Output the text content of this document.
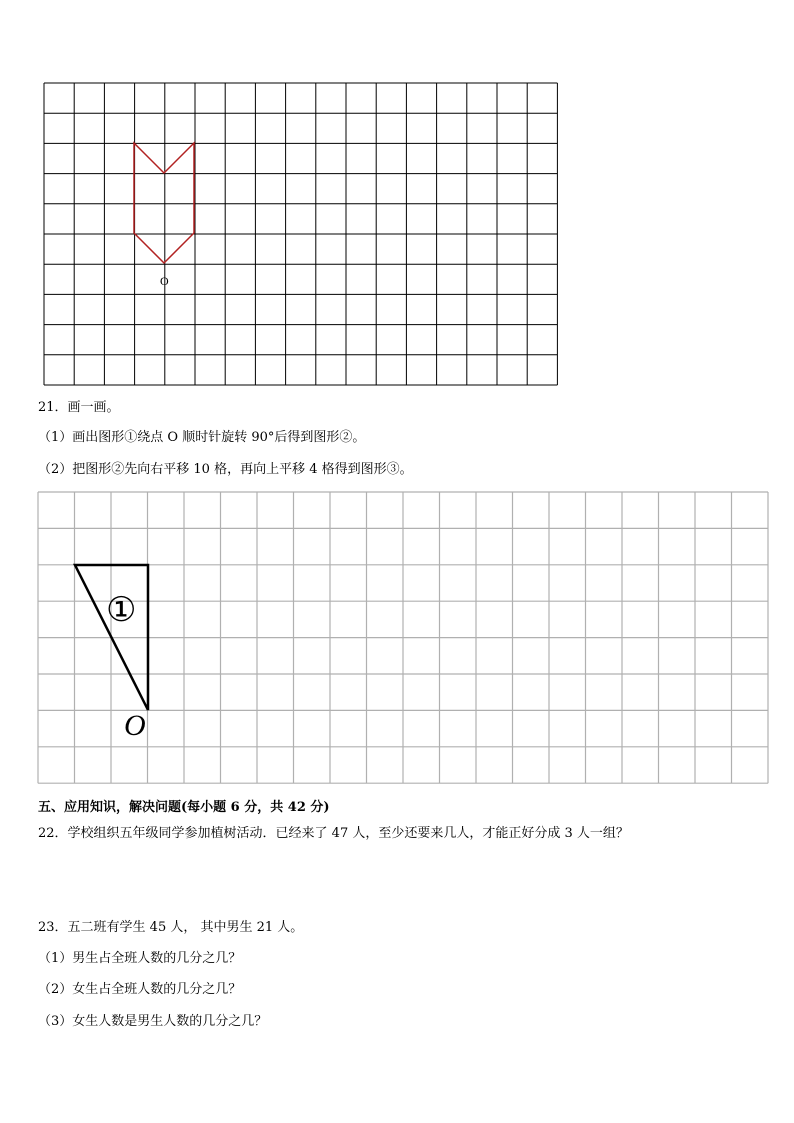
O
21．画一画。
（1）画出图形①绕点 O 顺时针旋转 90°后得到图形②。
（2）把图形②先向右平移 10 格，再向上平移 4 格得到图形③。
①
O
五、应用知识，解决问题(每小题 6 分，共 42 分)
22．学校组织五年级同学参加植树活动．已经来了 47 人，至少还要来几人，才能正好分成 3 人一组？
23．五二班有学生 45 人， 其中男生 21 人。
（1）男生占全班人数的几分之几？
（2）女生占全班人数的几分之几？
（3）女生人数是男生人数的几分之几？
